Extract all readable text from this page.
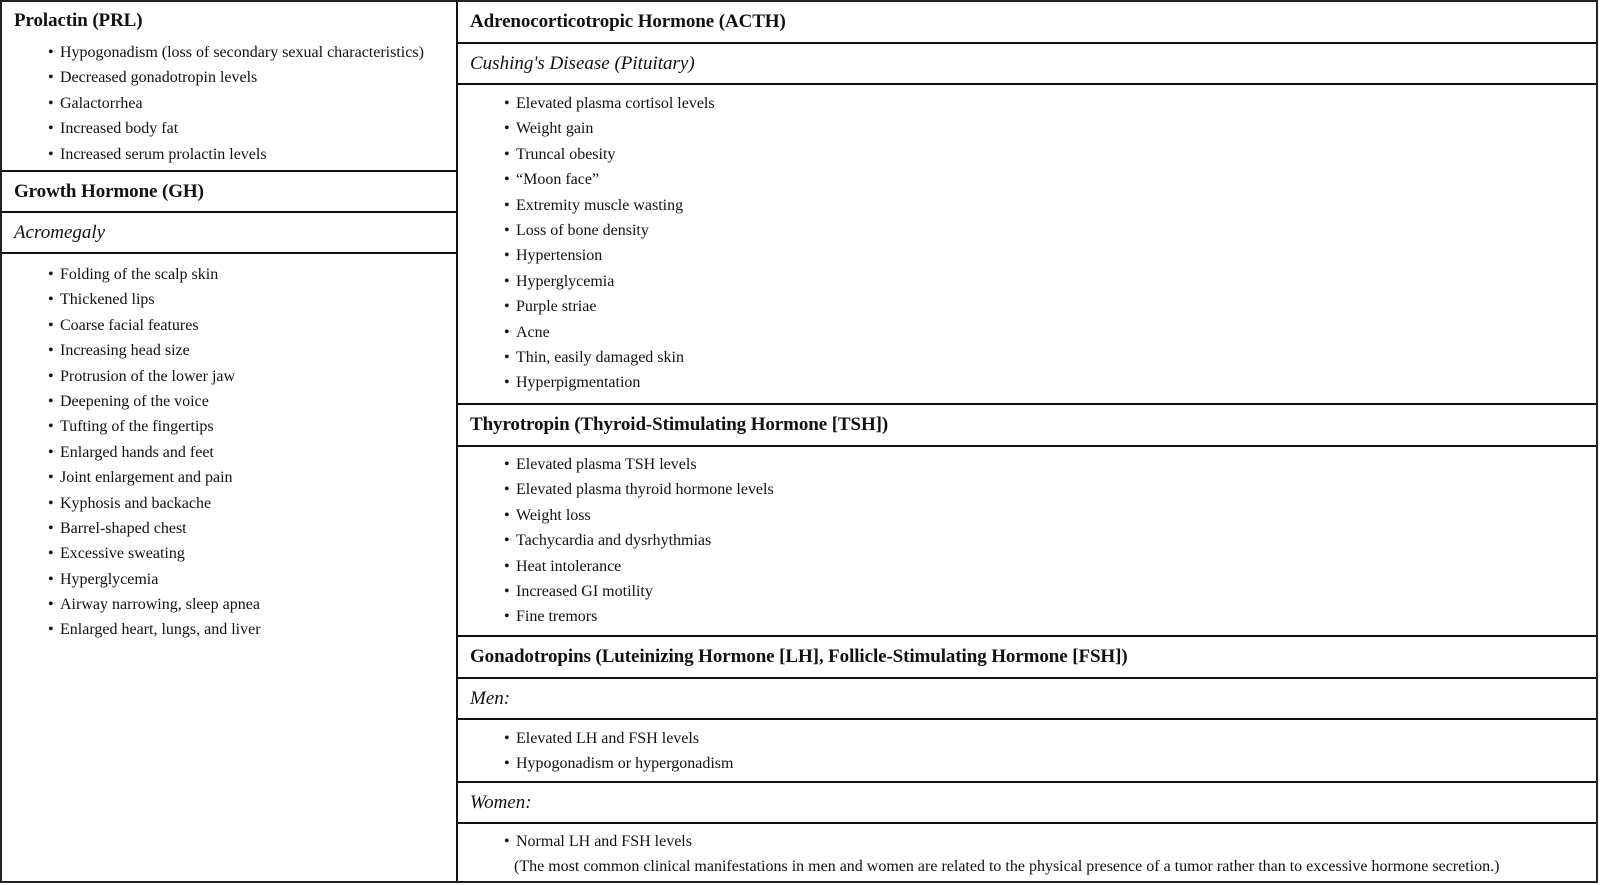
Prolactin (PRL)
• Hypogonadism (loss of secondary sexual characteristics)
• Decreased gonadotropin levels
• Galactorrhea
• Increased body fat
• Increased serum prolactin levels
Growth Hormone (GH)
Acromegaly
• Folding of the scalp skin
• Thickened lips
• Coarse facial features
• Increasing head size
• Protrusion of the lower jaw
• Deepening of the voice
• Tufting of the fingertips
• Enlarged hands and feet
• Joint enlargement and pain
• Kyphosis and backache
• Barrel-shaped chest
• Excessive sweating
• Hyperglycemia
• Airway narrowing, sleep apnea
• Enlarged heart, lungs, and liver
Adrenocorticotropic Hormone (ACTH)
Cushing's Disease (Pituitary)
• Elevated plasma cortisol levels
• Weight gain
• Truncal obesity
• “Moon face”
• Extremity muscle wasting
• Loss of bone density
• Hypertension
• Hyperglycemia
• Purple striae
• Acne
• Thin, easily damaged skin
• Hyperpigmentation
Thyrotropin (Thyroid-Stimulating Hormone [TSH])
• Elevated plasma TSH levels
• Elevated plasma thyroid hormone levels
• Weight loss
• Tachycardia and dysrhythmias
• Heat intolerance
• Increased GI motility
• Fine tremors
Gonadotropins (Luteinizing Hormone [LH], Follicle-Stimulating Hormone [FSH])
Men:
• Elevated LH and FSH levels
• Hypogonadism or hypergonadism
Women:
• Normal LH and FSH levels
(The most common clinical manifestations in men and women are related to the physical presence of a tumor rather than to excessive hormone secretion.)
